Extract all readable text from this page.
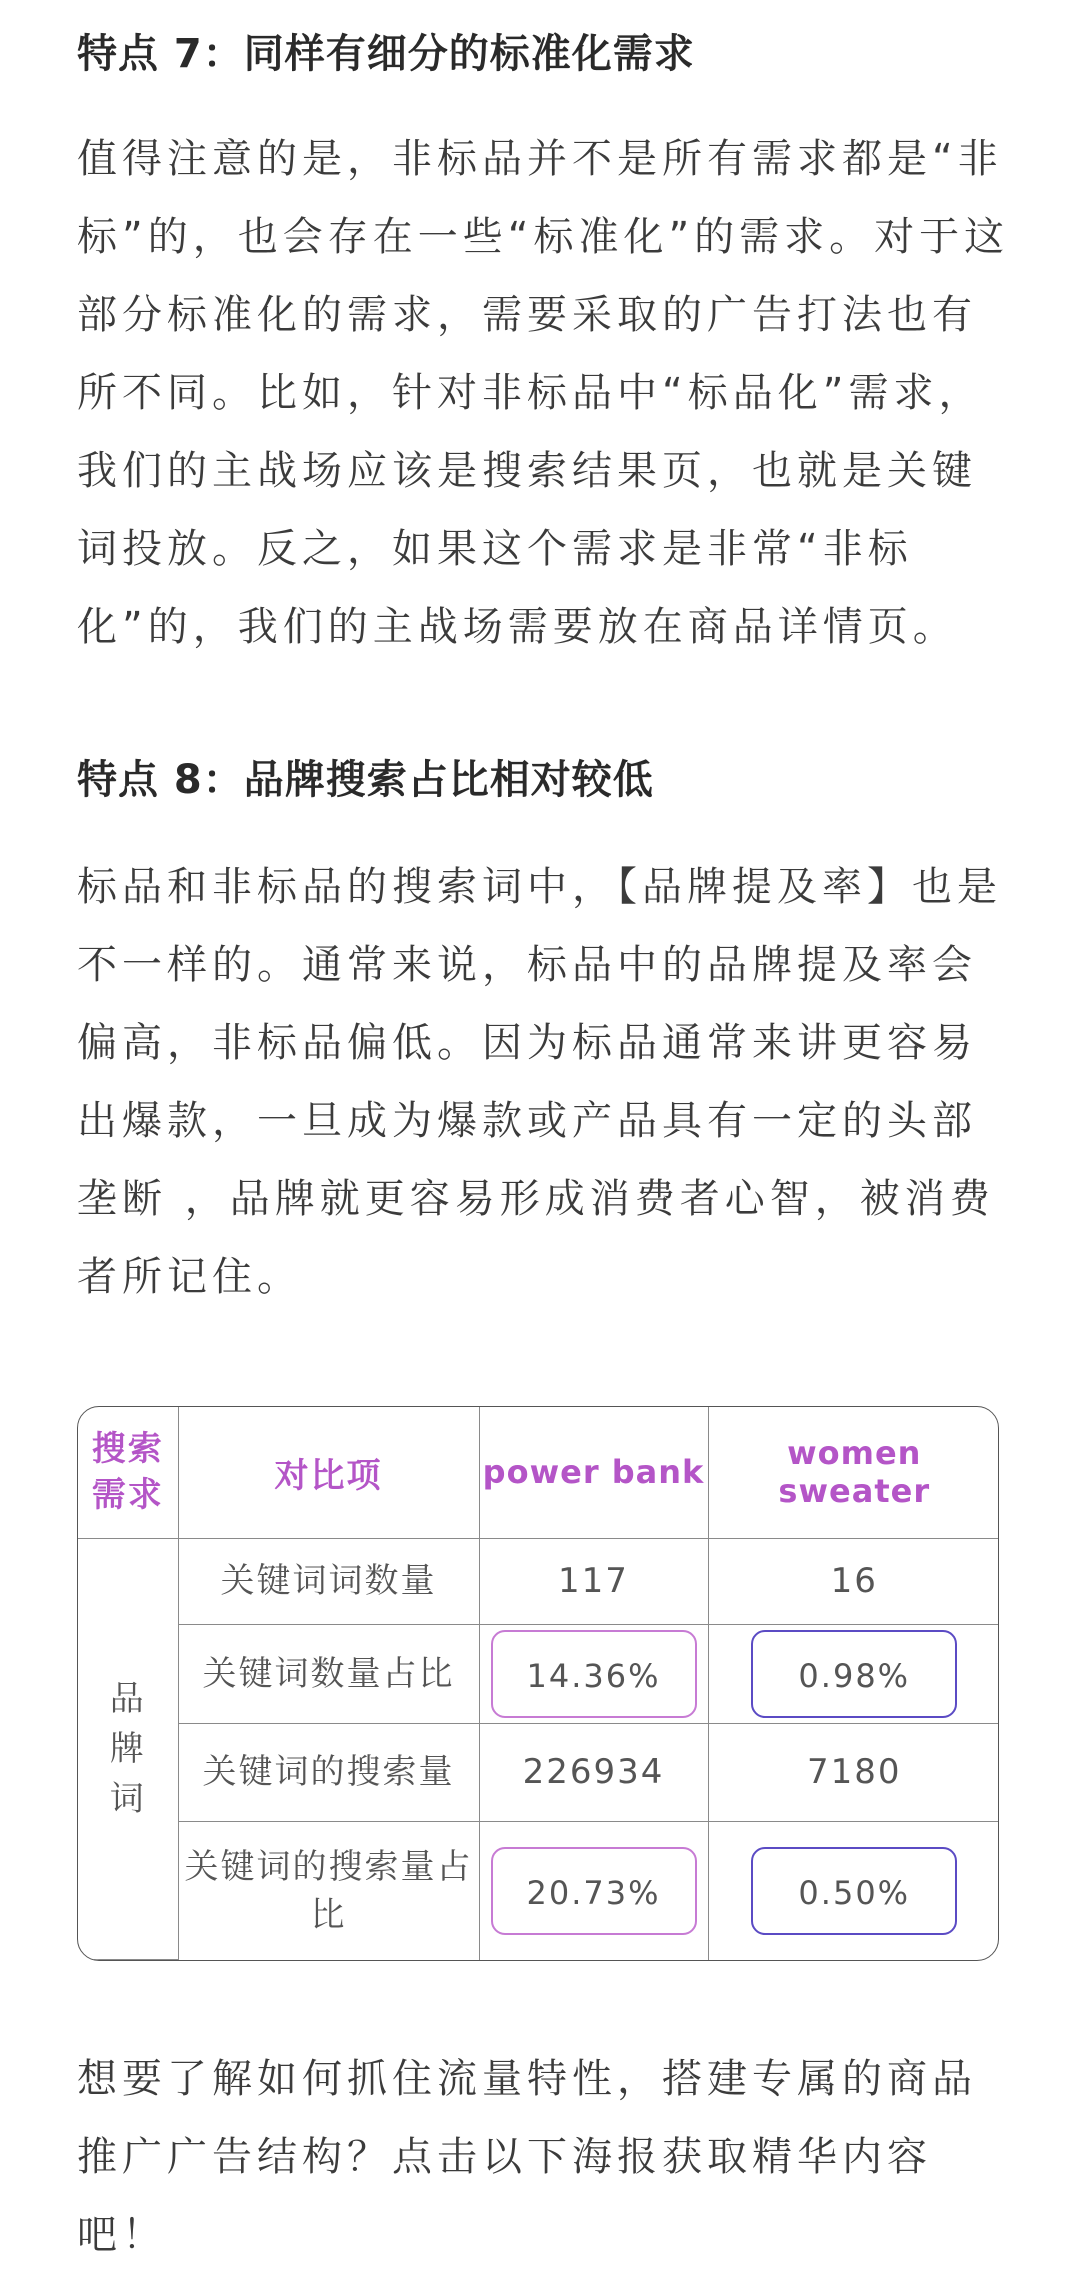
特点 7：同样有细分的标准化需求

值得注意的是，非标品并不是所有需求都是“非标”的，也会存在一些“标准化”的需求。对于这部分标准化的需求，需要采取的广告打法也有所不同。比如，针对非标品中“标品化”需求，我们的主战场应该是搜索结果页，也就是关键词投放。反之，如果这个需求是非常“非标化”的，我们的主战场需要放在商品详情页。

特点 8：品牌搜索占比相对较低

标品和非标品的搜索词中，【品牌提及率】也是不一样的。通常来说，标品中的品牌提及率会偏高，非标品偏低。因为标品通常来讲更容易出爆款，一旦成为爆款或产品具有一定的头部垄断 ，品牌就更容易形成消费者心智，被消费者所记住。

搜索需求	对比项	power bank	women sweater
品牌词	关键词词数量	117	16
	关键词数量占比	14.36%	0.98%
	关键词的搜索量	226934	7180
	关键词的搜索量占比	20.73%	0.50%

想要了解如何抓住流量特性，搭建专属的商品推广广告结构？点击以下海报获取精华内容吧！
